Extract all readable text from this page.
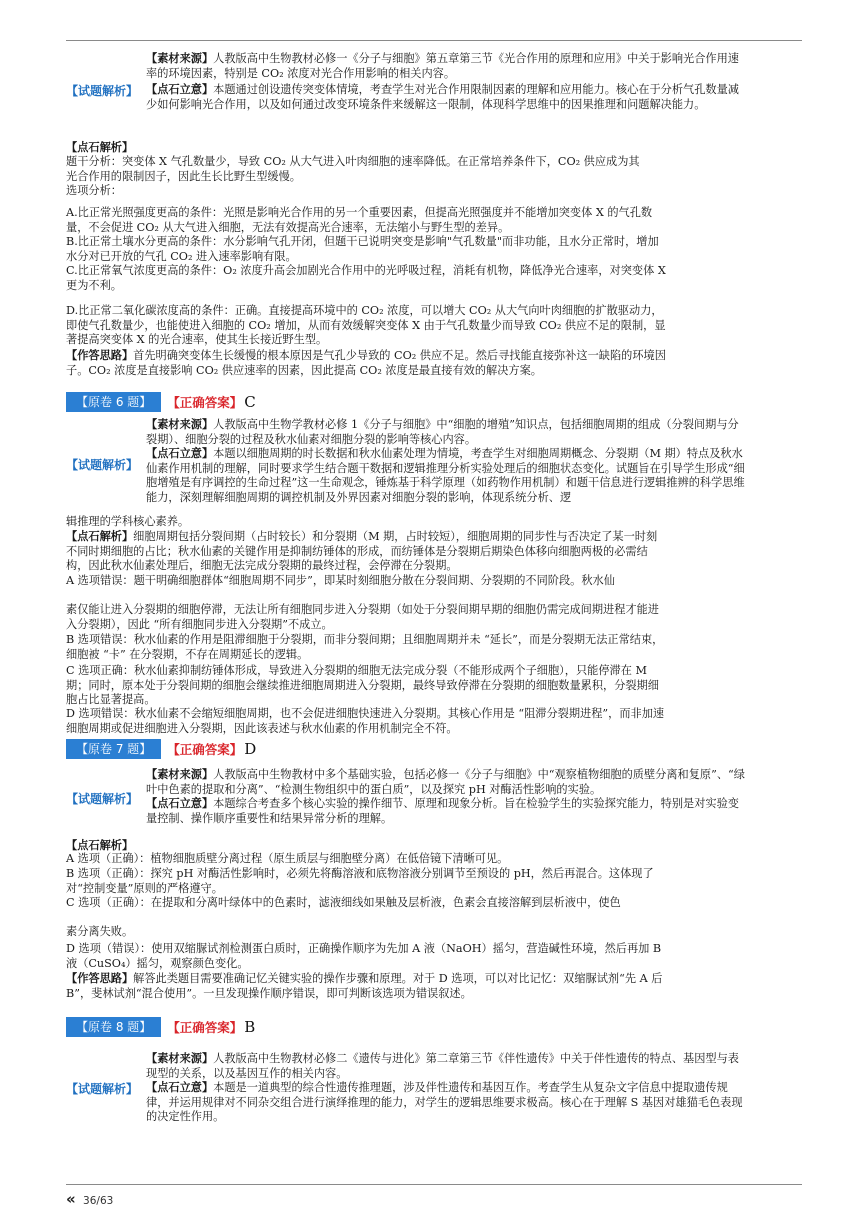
【试题解析】
【素材来源】人教版高中生物教材必修一《分子与细胞》第五章第三节《光合作用的原理和应用》中关于影响光合作用速率的环境因素，特别是 CO₂ 浓度对光合作用影响的相关内容。
【点石立意】本题通过创设遗传突变体情境，考查学生对光合作用限制因素的理解和应用能力。核心在于分析气孔数量减少如何影响光合作用，以及如何通过改变环境条件来缓解这一限制，体现科学思维中的因果推理和问题解决能力。
【点石解析】
题干分析：突变体 X 气孔数量少，导致 CO₂ 从大气进入叶肉细胞的速率降低。在正常培养条件下，CO₂ 供应成为其
光合作用的限制因子，因此生长比野生型缓慢。
选项分析：
A.比正常光照强度更高的条件：光照是影响光合作用的另一个重要因素，但提高光照强度并不能增加突变体 X 的气孔数量，不会促进 CO₂ 从大气进入细胞，无法有效提高光合速率，无法缩小与野生型的差异。
B.比正常土壤水分更高的条件：水分影响气孔开闭，但题干已说明突变是影响"气孔数量"而非功能，且水分正常时，增加水分对已开放的气孔 CO₂ 进入速率影响有限。
C.比正常氧气浓度更高的条件：O₂ 浓度升高会加剧光合作用中的光呼吸过程，消耗有机物，降低净光合速率，对突变体 X 更为不利。
D.比正常二氧化碳浓度高的条件：正确。直接提高环境中的 CO₂ 浓度，可以增大 CO₂ 从大气向叶肉细胞的扩散驱动力，即使气孔数量少，也能使进入细胞的 CO₂ 增加，从而有效缓解突变体 X 由于气孔数量少而导致 CO₂ 供应不足的限制，显著提高突变体 X 的光合速率，使其生长接近野生型。
【作答思路】首先明确突变体生长缓慢的根本原因是气孔少导致的 CO₂ 供应不足。然后寻找能直接弥补这一缺陷的环境因子。CO₂ 浓度是直接影响 CO₂ 供应速率的因素，因此提高 CO₂ 浓度是最直接有效的解决方案。
【原卷 6 题】	【正确答案】 C
【试题解析】
【素材来源】人教版高中生物学教材必修 1《分子与细胞》中“细胞的增殖”知识点，包括细胞周期的组成（分裂间期与分裂期）、细胞分裂的过程及秋水仙素对细胞分裂的影响等核心内容。
【点石立意】本题以细胞周期的时长数据和秋水仙素处理为情境，考查学生对细胞周期概念、分裂期（M 期）特点及秋水仙素作用机制的理解，同时要求学生结合题干数据和逻辑推理分析实验处理后的细胞状态变化。试题旨在引导学生形成“细胞增殖是有序调控的生命过程”这一生命观念，锤炼基于科学原理（如药物作用机制）和题干信息进行逻辑推辨的科学思维能力，深刻理解细胞周期的调控机制及外界因素对细胞分裂的影响，体现系统分析、逻
辑推理的学科核心素养。
【点石解析】细胞周期包括分裂间期（占时较长）和分裂期（M 期，占时较短），细胞周期的同步性与否决定了某一时刻不同时期细胞的占比；秋水仙素的关键作用是抑制纺锤体的形成，而纺锤体是分裂期后期染色体移向细胞两极的必需结构，因此秋水仙素处理后，细胞无法完成分裂期的最终过程，会停滞在分裂期。
A 选项错误：题干明确细胞群体“细胞周期不同步”，即某时刻细胞分散在分裂间期、分裂期的不同阶段。秋水仙
素仅能让进入分裂期的细胞停滞，无法让所有细胞同步进入分裂期（如处于分裂间期早期的细胞仍需完成间期进程才能进入分裂期），因此 “所有细胞同步进入分裂期”不成立。
B 选项错误：秋水仙素的作用是阻滞细胞于分裂期，而非分裂间期；且细胞周期并未 “延长”，而是分裂期无法正常结束，细胞被 “卡” 在分裂期，不存在周期延长的逻辑。
C 选项正确：秋水仙素抑制纺锤体形成，导致进入分裂期的细胞无法完成分裂（不能形成两个子细胞），只能停滞在 M 期；同时，原本处于分裂间期的细胞会继续推进细胞周期进入分裂期，最终导致停滞在分裂期的细胞数量累积，分裂期细胞占比显著提高。
D 选项错误：秋水仙素不会缩短细胞周期，也不会促进细胞快速进入分裂期。其核心作用是 “阻滞分裂期进程”，而非加速细胞周期或促进细胞进入分裂期，因此该表述与秋水仙素的作用机制完全不符。
【原卷 7 题】	【正确答案】 D
【试题解析】
【素材来源】人教版高中生物教材中多个基础实验，包括必修一《分子与细胞》中“观察植物细胞的质壁分离和复原”、“绿叶中色素的提取和分离”、“检测生物组织中的蛋白质”，以及探究 pH 对酶活性影响的实验。
【点石立意】本题综合考查多个核心实验的操作细节、原理和现象分析。旨在检验学生的实验探究能力，特别是对实验变量控制、操作顺序重要性和结果异常分析的理解。
【点石解析】
A 选项（正确）：植物细胞质壁分离过程（原生质层与细胞壁分离）在低倍镜下清晰可见。
B 选项（正确）：探究 pH 对酶活性影响时，必须先将酶溶液和底物溶液分别调节至预设的 pH，然后再混合。这体现了对“控制变量”原则的严格遵守。
C 选项（正确）：在提取和分离叶绿体中的色素时，滤液细线如果触及层析液，色素会直接溶解到层析液中，使色
素分离失败。
D 选项（错误）：使用双缩脲试剂检测蛋白质时，正确操作顺序为先加 A 液（NaOH）摇匀，营造碱性环境，然后再加 B 液（CuSO₄）摇匀，观察颜色变化。
【作答思路】解答此类题目需要准确记忆关键实验的操作步骤和原理。对于 D 选项，可以对比记忆：双缩脲试剂“先 A 后 B”，斐林试剂“混合使用”。一旦发现操作顺序错误，即可判断该选项为错误叙述。
【原卷 8 题】	【正确答案】 B
【试题解析】
【素材来源】人教版高中生物教材必修二《遗传与进化》第二章第三节《伴性遗传》中关于伴性遗传的特点、基因型与表现型的关系，以及基因互作的相关内容。
【点石立意】本题是一道典型的综合性遗传推理题，涉及伴性遗传和基因互作。考查学生从复杂文字信息中提取遗传规律，并运用规律对不同杂交组合进行演绎推理的能力，对学生的逻辑思维要求极高。核心在于理解 S 基因对雄猫毛色表现的决定性作用。
« 36/63
